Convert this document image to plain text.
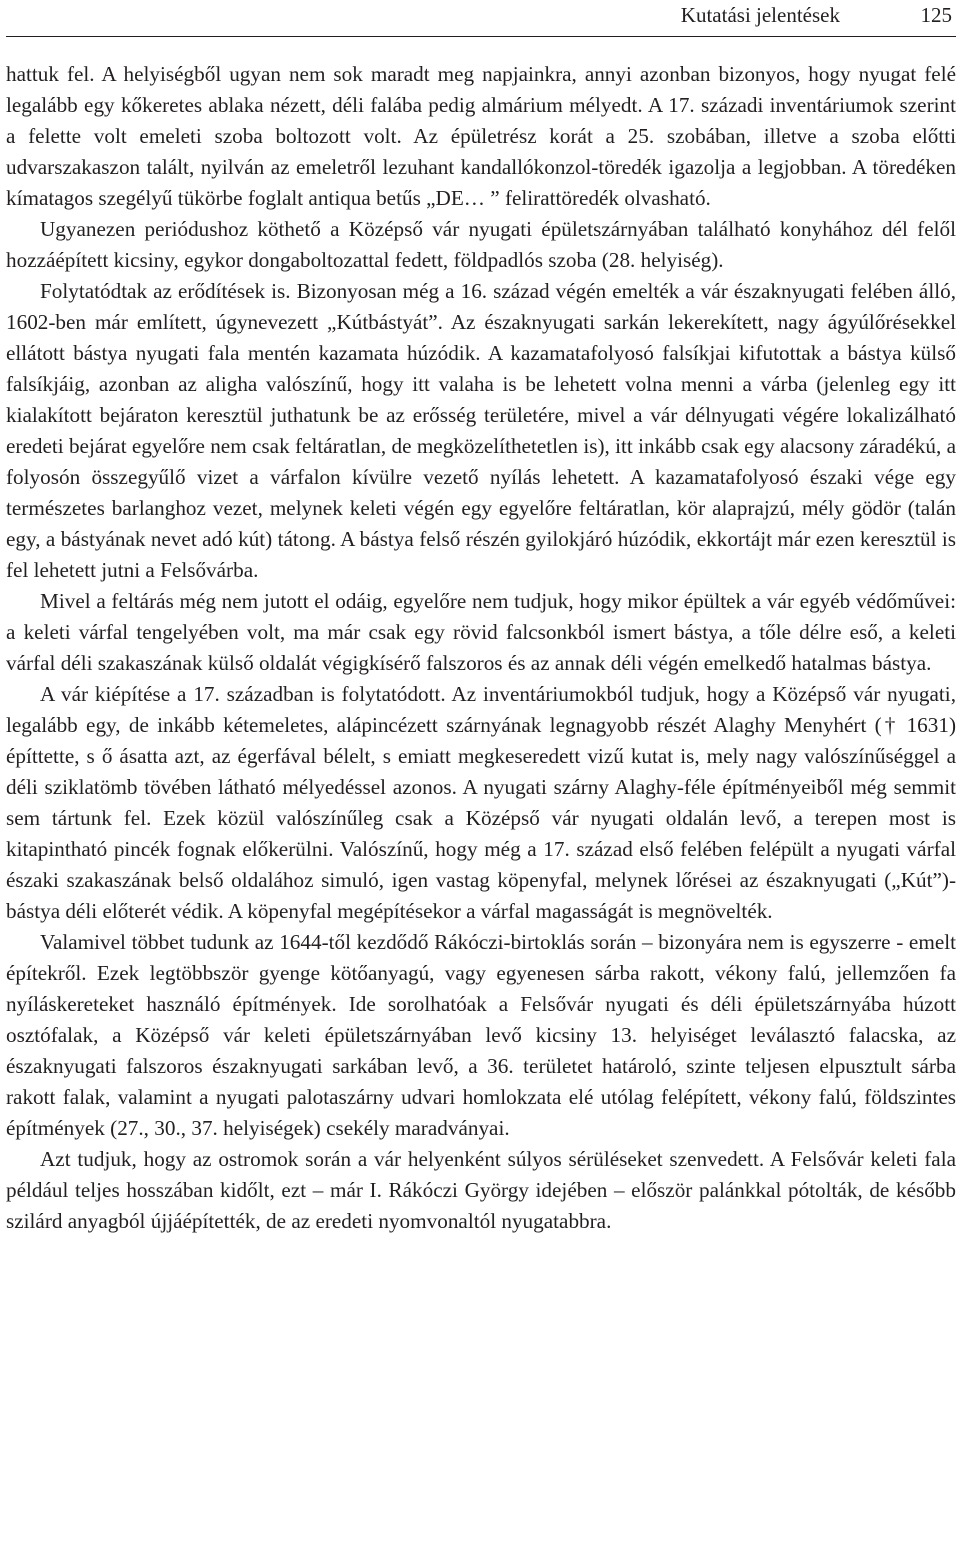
Kutatási jelentések	125

hattuk fel. A helyiségből ugyan nem sok maradt meg napjainkra, annyi azonban bizonyos, hogy nyugat felé legalább egy kőkeretes ablaka nézett, déli falába pedig almárium mélyedt. A 17. századi inventáriumok szerint a felette volt emeleti szoba boltozott volt. Az épületrész korát a 25. szobában, illetve a szoba előtti udvarszakaszon talált, nyilván az emeletről lezuhant kandallókonzol-töredék igazolja a legjobban. A töredéken kímatagos szegélyű tükörbe foglalt antiqua betűs „DE… ” felirattöredék olvasható.

Ugyanezen periódushoz köthető a Középső vár nyugati épületszárnyában található konyhához dél felől hozzáépített kicsiny, egykor dongaboltozattal fedett, földpadlós szoba (28. helyiség).

Folytatódtak az erődítések is. Bizonyosan még a 16. század végén emelték a vár északnyugati felében álló, 1602-ben már említett, úgynevezett „Kútbástyát”. Az északnyugati sarkán lekerekített, nagy ágyúlőrésekkel ellátott bástya nyugati fala mentén kazamata húzódik. A kazamatafolyosó falsíkjai kifutottak a bástya külső falsíkjáig, azonban az aligha valószínű, hogy itt valaha is be lehetett volna menni a várba (jelenleg egy itt kialakított bejáraton keresztül juthatunk be az erősség területére, mivel a vár délnyugati végére lokalizálható eredeti bejárat egyelőre nem csak feltáratlan, de megközelíthetetlen is), itt inkább csak egy alacsony záradékú, a folyosón összegyűlő vizet a várfalon kívülre vezető nyílás lehetett. A kazamatafolyosó északi vége egy természetes barlanghoz vezet, melynek keleti végén egy egyelőre feltáratlan, kör alaprajzú, mély gödör (talán egy, a bástyának nevet adó kút) tátong. A bástya felső részén gyilokjáró húzódik, ekkortájt már ezen keresztül is fel lehetett jutni a Felsővárba.

Mivel a feltárás még nem jutott el odáig, egyelőre nem tudjuk, hogy mikor épültek a vár egyéb védőművei: a keleti várfal tengelyében volt, ma már csak egy rövid falcsonkból ismert bástya, a tőle délre eső, a keleti várfal déli szakaszának külső oldalát végigkísérő falszoros és az annak déli végén emelkedő hatalmas bástya.

A vár kiépítése a 17. században is folytatódott. Az inventáriumokból tudjuk, hogy a Középső vár nyugati, legalább egy, de inkább kétemeletes, alápincézett szárnyának legnagyobb részét Alaghy Menyhért († 1631) építtette, s ő ásatta azt, az égerfával bélelt, s emiatt megkeseredett vizű kutat is, mely nagy valószínűséggel a déli sziklatömb tövében látható mélyedéssel azonos. A nyugati szárny Alaghy-féle építményeiből még semmit sem tártunk fel. Ezek közül valószínűleg csak a Középső vár nyugati oldalán levő, a terepen most is kitapintható pincék fognak előkerülni. Valószínű, hogy még a 17. század első felében felépült a nyugati várfal északi szakaszának belső oldalához simuló, igen vastag köpenyfal, melynek lőrései az északnyugati („Kút”)-bástya déli előterét védik. A köpenyfal megépítésekor a várfal magasságát is megnövelték.

Valamivel többet tudunk az 1644-től kezdődő Rákóczi-birtoklás során – bizonyára nem is egyszerre - emelt építekről. Ezek legtöbbször gyenge kötőanyagú, vagy egyenesen sárba rakott, vékony falú, jellemzően fa nyíláskereteket használó építmények. Ide sorolhatóak a Felsővár nyugati és déli épületszárnyába húzott osztófalak, a Középső vár keleti épületszárnyában levő kicsiny 13. helyiséget leválasztó falacska, az északnyugati falszoros északnyugati sarkában levő, a 36. területet határoló, szinte teljesen elpusztult sárba rakott falak, valamint a nyugati palotaszárny udvari homlokzata elé utólag felépített, vékony falú, földszintes építmények (27., 30., 37. helyiségek) csekély maradványai.

Azt tudjuk, hogy az ostromok során a vár helyenként súlyos sérüléseket szenvedett. A Felsővár keleti fala például teljes hosszában kidőlt, ezt – már I. Rákóczi György idejében – először palánkkal pótolták, de később szilárd anyagból újjáépítették, de az eredeti nyomvonaltól nyugatabbra.
